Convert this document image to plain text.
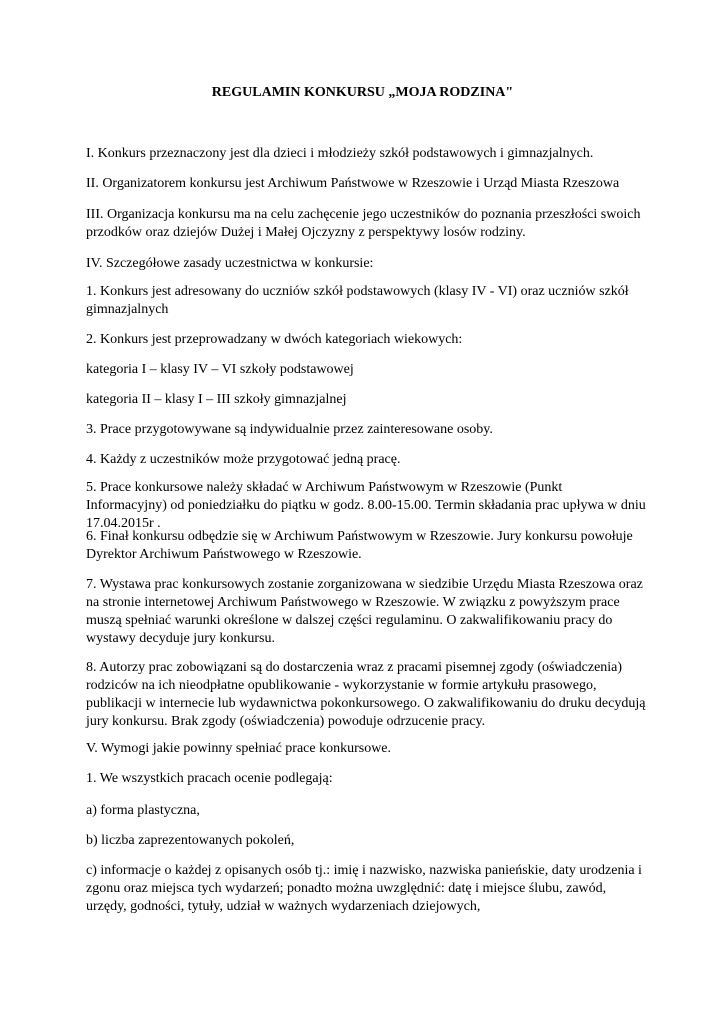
REGULAMIN KONKURSU „MOJA RODZINA"

I. Konkurs przeznaczony jest dla dzieci i młodzieży szkół podstawowych i gimnazjalnych.

II. Organizatorem konkursu jest Archiwum Państwowe w Rzeszowie i Urząd Miasta Rzeszowa

III. Organizacja konkursu ma na celu zachęcenie jego uczestników do poznania przeszłości swoich przodków oraz dziejów Dużej i Małej Ojczyzny z perspektywy losów rodziny.

IV. Szczegółowe zasady uczestnictwa w konkursie:

1. Konkurs jest adresowany do uczniów szkół podstawowych (klasy IV - VI) oraz uczniów szkół gimnazjalnych

2. Konkurs jest przeprowadzany w dwóch kategoriach wiekowych:

kategoria I – klasy IV – VI szkoły podstawowej

kategoria II – klasy I – III szkoły gimnazjalnej

3. Prace przygotowywane są indywidualnie przez zainteresowane osoby.

4. Każdy z uczestników może przygotować jedną pracę.

5. Prace konkursowe należy składać w Archiwum Państwowym w Rzeszowie (Punkt Informacyjny) od poniedziałku do piątku w godz. 8.00-15.00. Termin składania prac upływa w dniu 17.04.2015r .

6. Finał konkursu odbędzie się w Archiwum Państwowym w Rzeszowie. Jury konkursu powołuje Dyrektor Archiwum Państwowego w Rzeszowie.

7. Wystawa prac konkursowych zostanie zorganizowana w siedzibie Urzędu Miasta Rzeszowa oraz na stronie internetowej Archiwum Państwowego w Rzeszowie. W związku z powyższym prace muszą spełniać warunki określone w dalszej części regulaminu. O zakwalifikowaniu pracy do wystawy decyduje jury konkursu.

8. Autorzy prac zobowiązani są do dostarczenia wraz z pracami pisemnej zgody (oświadczenia) rodziców na ich nieodpłatne opublikowanie - wykorzystanie w formie artykułu prasowego, publikacji w internecie lub wydawnictwa pokonkursowego. O zakwalifikowaniu do druku decydują jury konkursu. Brak zgody (oświadczenia) powoduje odrzucenie pracy.

V. Wymogi jakie powinny spełniać prace konkursowe.

1. We wszystkich pracach ocenie podlegają:

a) forma plastyczna,

b) liczba zaprezentowanych pokoleń,

c) informacje o każdej z opisanych osób tj.: imię i nazwisko, nazwiska panieńskie, daty urodzenia i zgonu oraz miejsca tych wydarzeń; ponadto można uwzględnić: datę i miejsce ślubu, zawód, urzędy, godności, tytuły, udział w ważnych wydarzeniach dziejowych,
